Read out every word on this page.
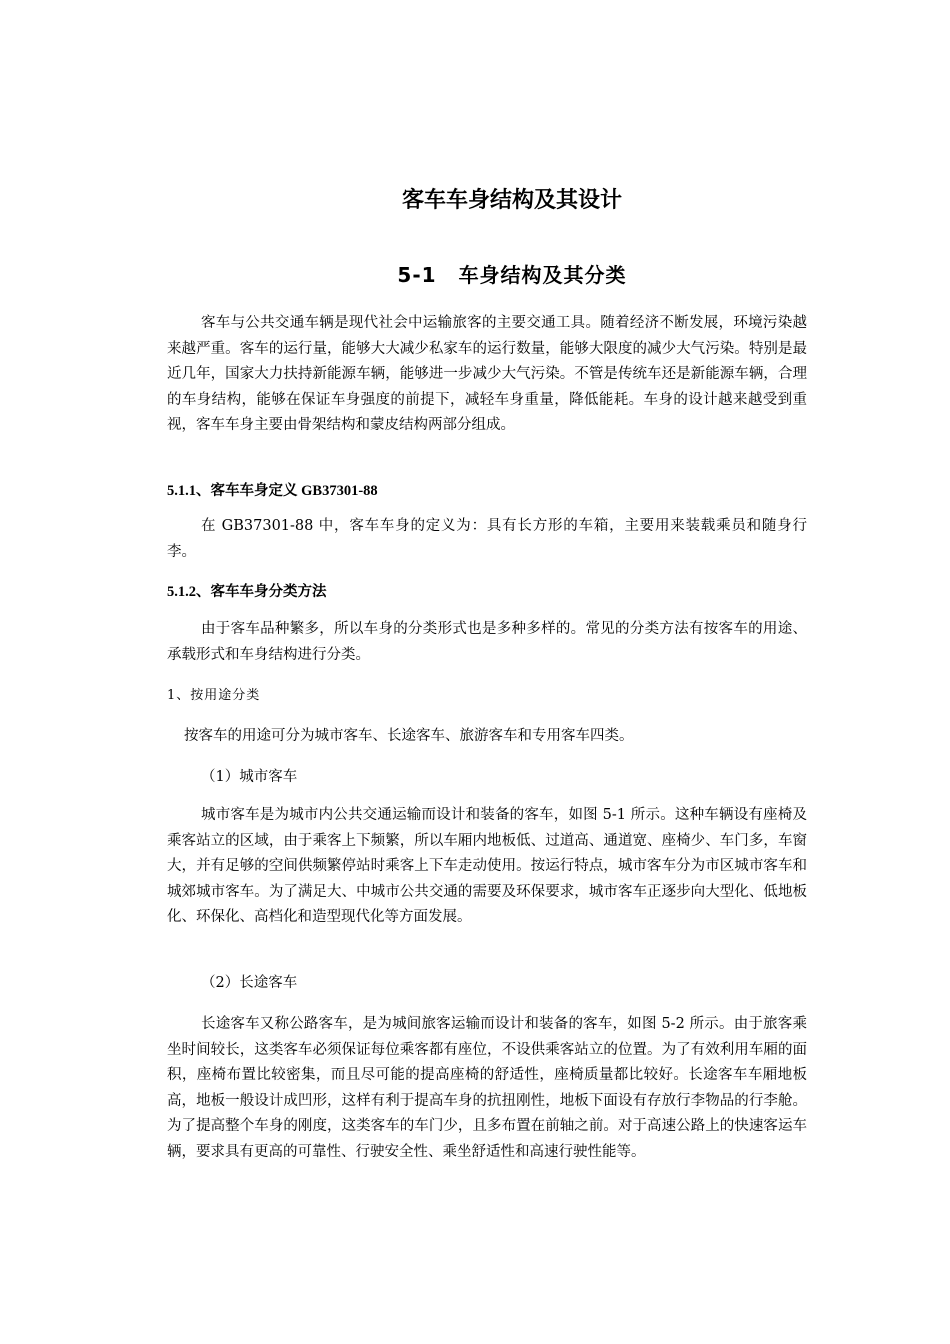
客车车身结构及其设计
5-1 车身结构及其分类

客车与公共交通车辆是现代社会中运输旅客的主要交通工具。随着经济不断发展，环境污染越来越严重。客车的运行量，能够大大减少私家车的运行数量，能够大限度的减少大气污染。特别是最近几年，国家大力扶持新能源车辆，能够进一步减少大气污染。不管是传统车还是新能源车辆，合理的车身结构，能够在保证车身强度的前提下，减轻车身重量，降低能耗。车身的设计越来越受到重视，客车车身主要由骨架结构和蒙皮结构两部分组成。

5.1.1、客车车身定义 GB37301-88

在 GB37301-88 中，客车车身的定义为：具有长方形的车箱，主要用来装载乘员和随身行李。

5.1.2、客车车身分类方法

由于客车品种繁多，所以车身的分类形式也是多种多样的。常见的分类方法有按客车的用途、承载形式和车身结构进行分类。

1、按用途分类

按客车的用途可分为城市客车、长途客车、旅游客车和专用客车四类。

（1）城市客车

城市客车是为城市内公共交通运输而设计和装备的客车，如图 5-1 所示。这种车辆设有座椅及乘客站立的区域，由于乘客上下频繁，所以车厢内地板低、过道高、通道宽、座椅少、车门多，车窗大，并有足够的空间供频繁停站时乘客上下车走动使用。按运行特点，城市客车分为市区城市客车和城郊城市客车。为了满足大、中城市公共交通的需要及环保要求，城市客车正逐步向大型化、低地板化、环保化、高档化和造型现代化等方面发展。

（2）长途客车

长途客车又称公路客车，是为城间旅客运输而设计和装备的客车，如图 5-2 所示。由于旅客乘坐时间较长，这类客车必须保证每位乘客都有座位，不设供乘客站立的位置。为了有效利用车厢的面积，座椅布置比较密集，而且尽可能的提高座椅的舒适性，座椅质量都比较好。长途客车车厢地板高，地板一般设计成凹形，这样有利于提高车身的抗扭刚性，地板下面设有存放行李物品的行李舱。为了提高整个车身的刚度，这类客车的车门少，且多布置在前轴之前。对于高速公路上的快速客运车辆，要求具有更高的可靠性、行驶安全性、乘坐舒适性和高速行驶性能等。
